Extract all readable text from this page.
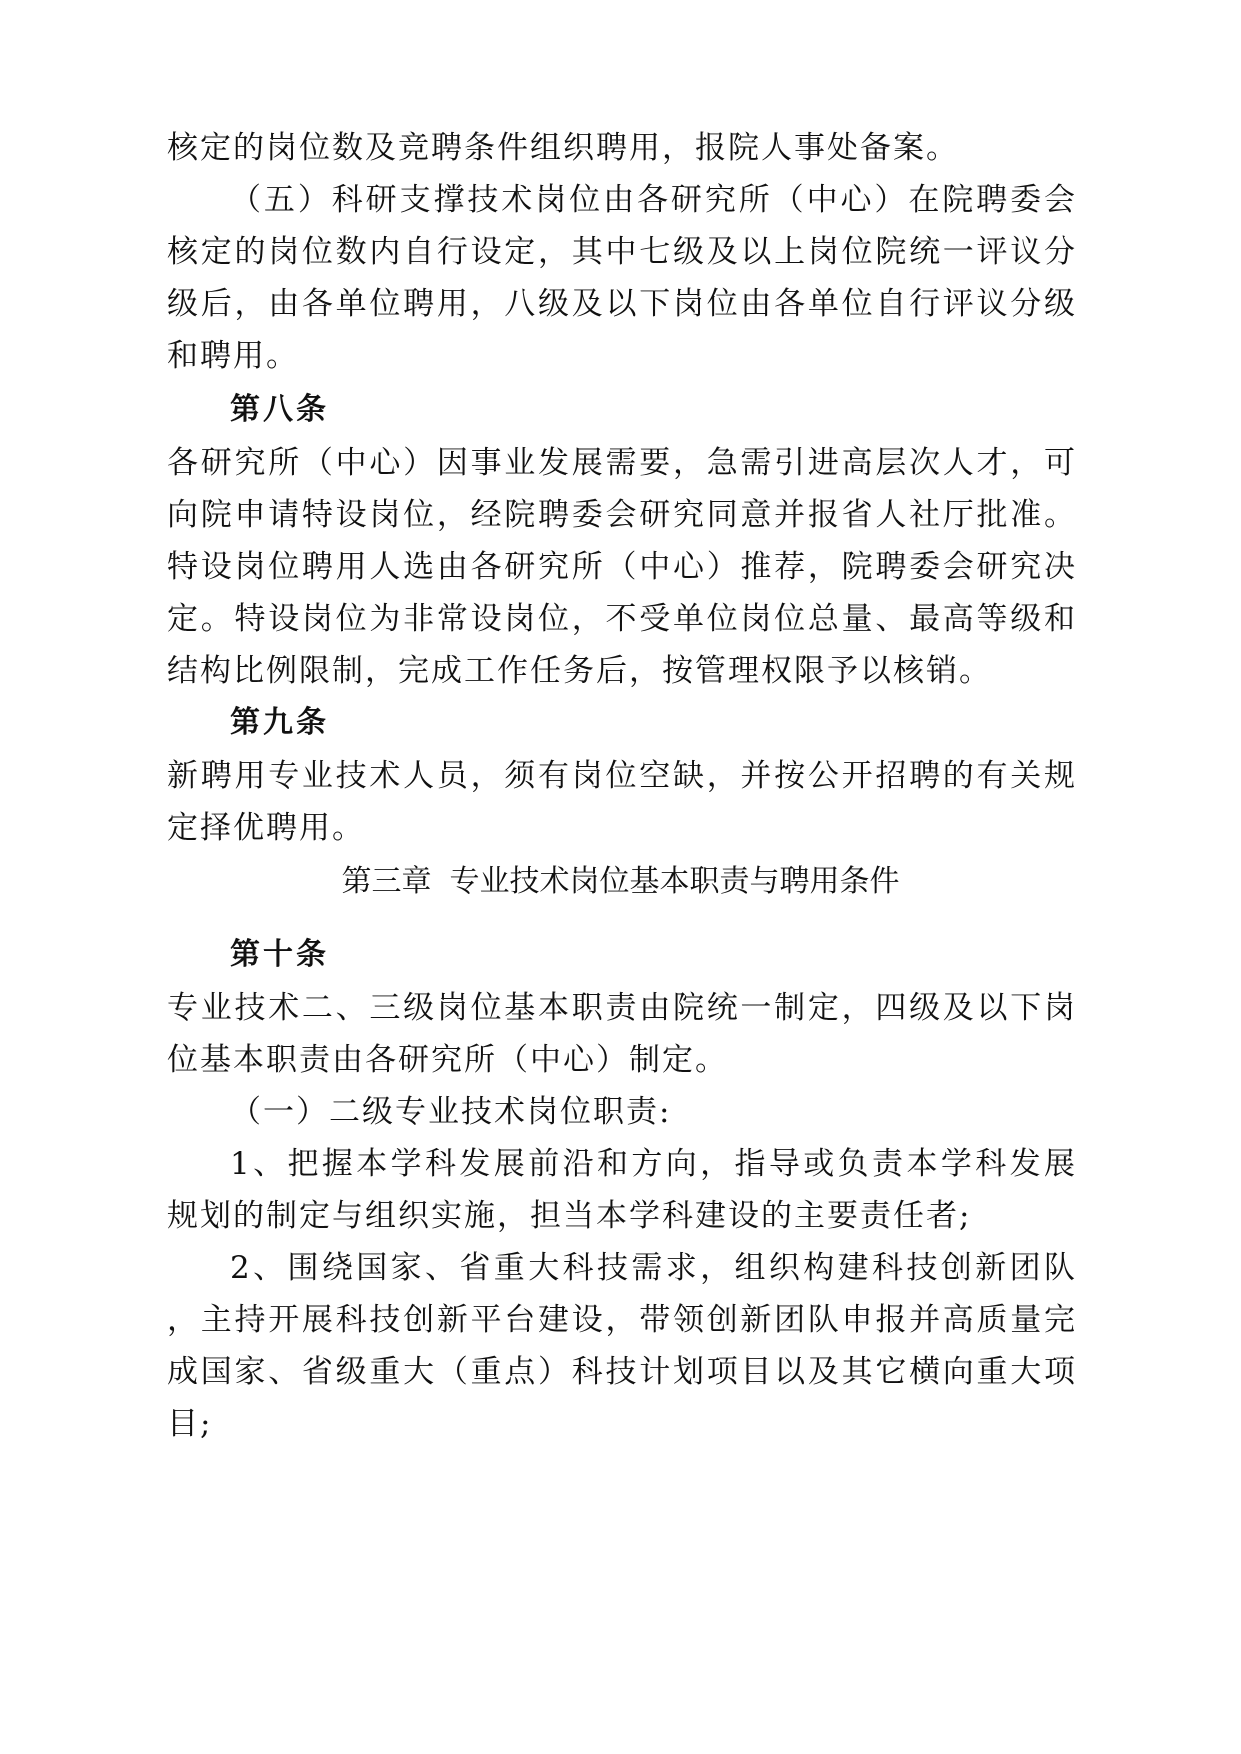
核定的岗位数及竞聘条件组织聘用，报院人事处备案。
（五）科研支撑技术岗位由各研究所（中心）在院聘委会
核定的岗位数内自行设定，其中七级及以上岗位院统一评议分
级后，由各单位聘用，八级及以下岗位由各单位自行评议分级
和聘用。
第八条
各研究所（中心）因事业发展需要，急需引进高层次人才，可
向院申请特设岗位，经院聘委会研究同意并报省人社厅批准。
特设岗位聘用人选由各研究所（中心）推荐，院聘委会研究决
定。特设岗位为非常设岗位，不受单位岗位总量、最高等级和
结构比例限制，完成工作任务后，按管理权限予以核销。
第九条
新聘用专业技术人员，须有岗位空缺，并按公开招聘的有关规
定择优聘用。
第三章 专业技术岗位基本职责与聘用条件
第十条
专业技术二、三级岗位基本职责由院统一制定，四级及以下岗
位基本职责由各研究所（中心）制定。
（一）二级专业技术岗位职责:
1、把握本学科发展前沿和方向，指导或负责本学科发展
规划的制定与组织实施，担当本学科建设的主要责任者;
2、围绕国家、省重大科技需求，组织构建科技创新团队
，主持开展科技创新平台建设，带领创新团队申报并高质量完
成国家、省级重大（重点）科技计划项目以及其它横向重大项
目;
